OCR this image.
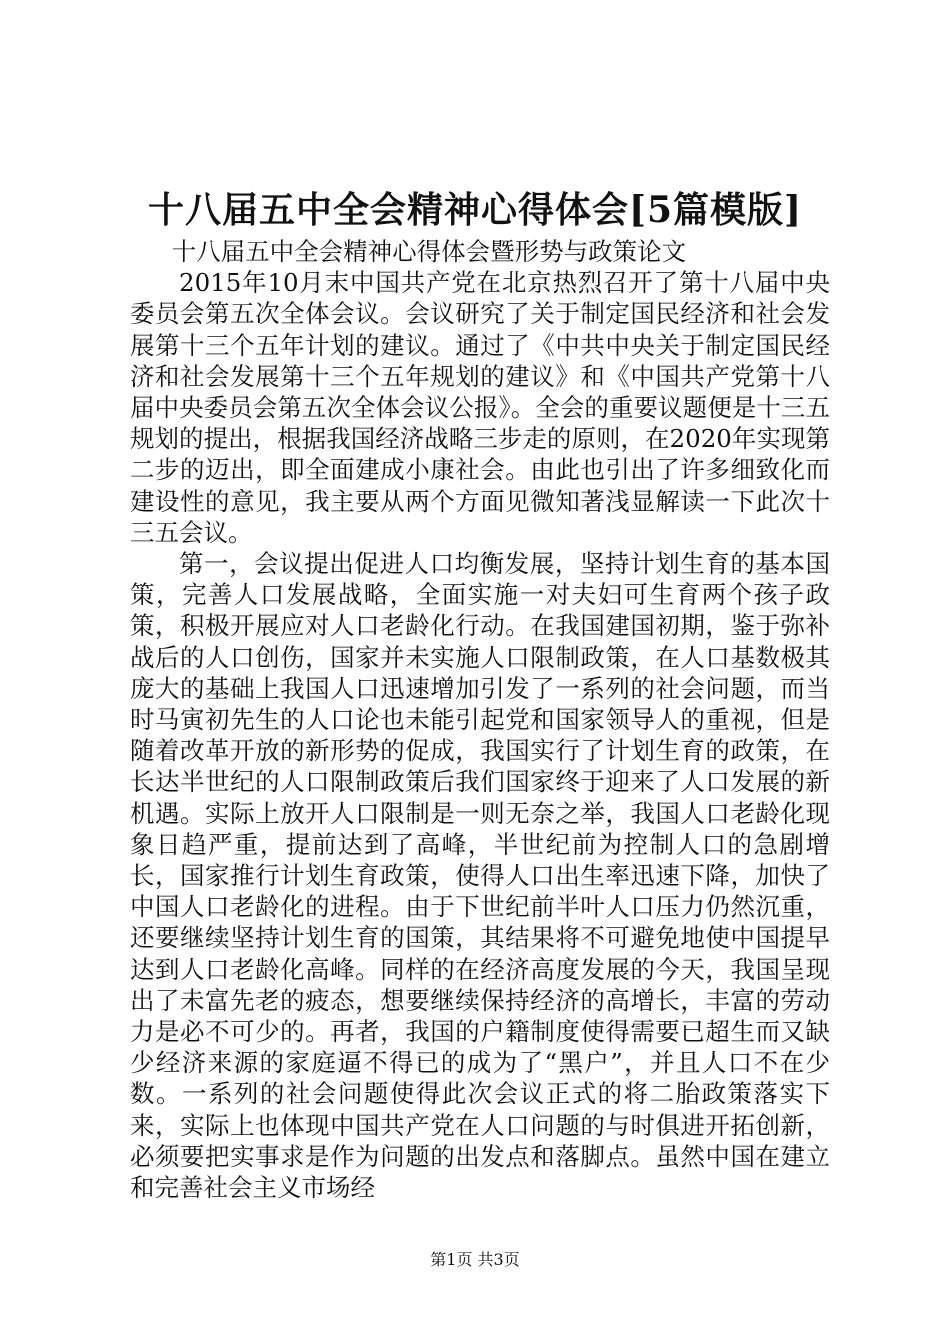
十八届五中全会精神心得体会[5篇模版]

十八届五中全会精神心得体会暨形势与政策论文

2015年10月末中国共产党在北京热烈召开了第十八届中央委员会第五次全体会议。会议研究了关于制定国民经济和社会发展第十三个五年计划的建议。通过了《中共中央关于制定国民经济和社会发展第十三个五年规划的建议》和《中国共产党第十八届中央委员会第五次全体会议公报》。全会的重要议题便是十三五规划的提出，根据我国经济战略三步走的原则，在2020年实现第二步的迈出，即全面建成小康社会。由此也引出了许多细致化而建设性的意见，我主要从两个方面见微知著浅显解读一下此次十三五会议。

第一，会议提出促进人口均衡发展，坚持计划生育的基本国策，完善人口发展战略，全面实施一对夫妇可生育两个孩子政策，积极开展应对人口老龄化行动。在我国建国初期，鉴于弥补战后的人口创伤，国家并未实施人口限制政策，在人口基数极其庞大的基础上我国人口迅速增加引发了一系列的社会问题，而当时马寅初先生的人口论也未能引起党和国家领导人的重视，但是随着改革开放的新形势的促成，我国实行了计划生育的政策，在长达半世纪的人口限制政策后我们国家终于迎来了人口发展的新机遇。实际上放开人口限制是一则无奈之举，我国人口老龄化现象日趋严重，提前达到了高峰，半世纪前为控制人口的急剧增长，国家推行计划生育政策，使得人口出生率迅速下降，加快了中国人口老龄化的进程。由于下世纪前半叶人口压力仍然沉重，还要继续坚持计划生育的国策，其结果将不可避免地使中国提早达到人口老龄化高峰。同样的在经济高度发展的今天，我国呈现出了未富先老的疲态，想要继续保持经济的高增长，丰富的劳动力是必不可少的。再者，我国的户籍制度使得需要已超生而又缺少经济来源的家庭逼不得已的成为了“黑户”，并且人口不在少数。一系列的社会问题使得此次会议正式的将二胎政策落实下来，实际上也体现中国共产党在人口问题的与时俱进开拓创新，必须要把实事求是作为问题的出发点和落脚点。虽然中国在建立和完善社会主义市场经

第1页 共3页
